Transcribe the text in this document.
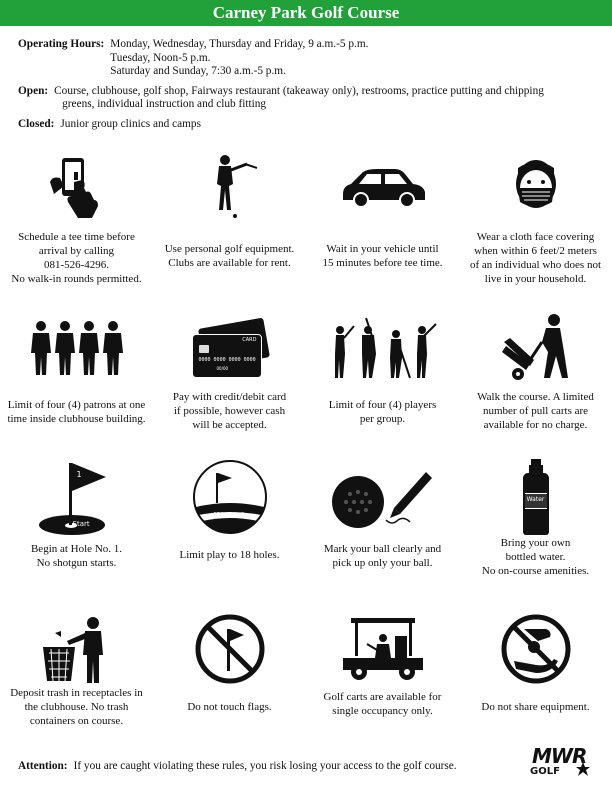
Carney Park Golf Course
Operating Hours: Monday, Wednesday, Thursday and Friday, 9 a.m.-5 p.m.
Tuesday, Noon-5 p.m.
Saturday and Sunday, 7:30 a.m.-5 p.m.
Open: Course, clubhouse, golf shop, Fairways restaurant (takeaway only), restrooms, practice putting and chipping
greens, individual instruction and club fitting
Closed: Junior group clinics and camps
Schedule a tee time before
arrival by calling
081-526-4296.
No walk-in rounds permitted.
Use personal golf equipment.
Clubs are available for rent.
Wait in your vehicle until
15 minutes before tee time.
Wear a cloth face covering
when within 6 feet/2 meters
of an individual who does not
live in your household.
Limit of four (4) patrons at one
time inside clubhouse building.
CARD
0000 0000 0000 0000
00/00
Pay with credit/debit card
if possible, however cash
will be accepted.
Limit of four (4) players
per group.
Walk the course. A limited
number of pull carts are
available for no charge.
1
Start
Begin at Hole No. 1.
No shotgun starts.
18 hole limit
Limit play to 18 holes.	Mark your ball clearly and
pick up only your ball.
Water
Bring your own
bottled water.
No on-course amenities.
Deposit trash in receptacles in
the clubhouse. No trash
containers on course.
Do not touch flags.
Golf carts are available for
single occupancy only.	Do not share equipment.
Attention: If you are caught violating these rules, you risk losing your access to the golf course.	MWR
GOLF
